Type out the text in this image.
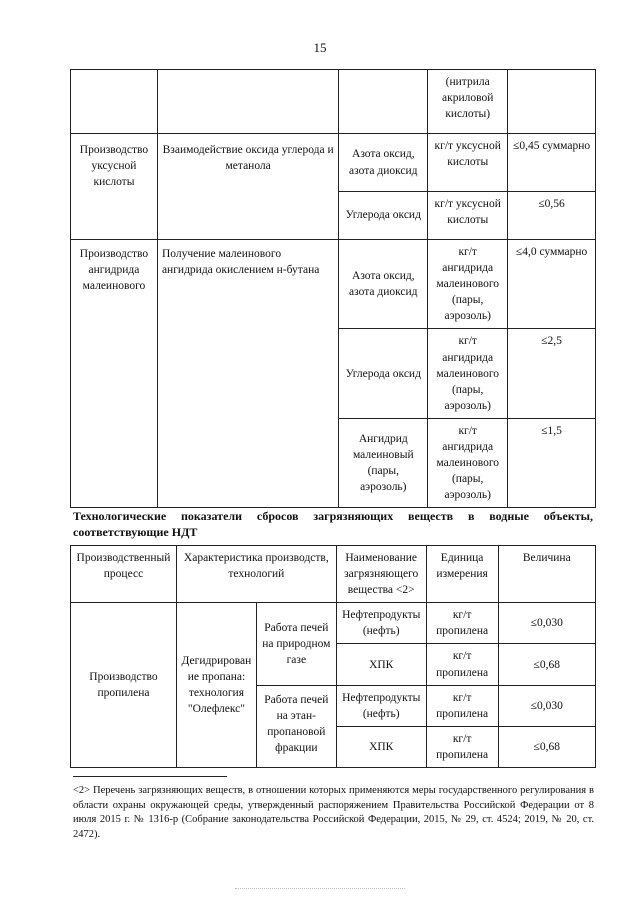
15
			(нитрила акриловой кислоты)	
Производство уксусной кислоты	Взаимодействие оксида углерода и метанола	Азота оксид, азота диоксид	кг/т уксусной кислоты	≤0,45 суммарно
		Углерода оксид	кг/т уксусной кислоты	≤0,56
Производство ангидрида малеинового	Получение малеинового ангидрида окислением н-бутана	Азота оксид, азота диоксид	кг/т ангидрида малеинового (пары, аэрозоль)	≤4,0 суммарно
		Углерода оксид	кг/т ангидрида малеинового (пары, аэрозоль)	≤2,5
		Ангидрид малеиновый (пары, аэрозоль)	кг/т ангидрида малеинового (пары, аэрозоль)	≤1,5
Технологические показатели сбросов загрязняющих веществ в водные объекты,
соответствующие НДТ
Производственный процесс	Характеристика производств, технологий		Наименование загрязняющего вещества <2>	Единица измерения	Величина
Производство пропилена	Дегидрирован ие пропана: технология "Олефлекс"	Работа печей на природном газе	Нефтепродукты (нефть)	кг/т пропилена	≤0,030
			ХПК	кг/т пропилена	≤0,68
		Работа печей на этан-пропановой фракции	Нефтепродукты (нефть)	кг/т пропилена	≤0,030
			ХПК	кг/т пропилена	≤0,68
<2> Перечень загрязняющих веществ, в отношении которых применяются меры государственного регулирования в области охраны окружающей среды, утвержденный распоряжением Правительства Российской Федерации от 8 июля 2015 г. № 1316-р (Собрание законодательства Российской Федерации, 2015, № 29, ст. 4524; 2019, № 20, ст. 2472).
